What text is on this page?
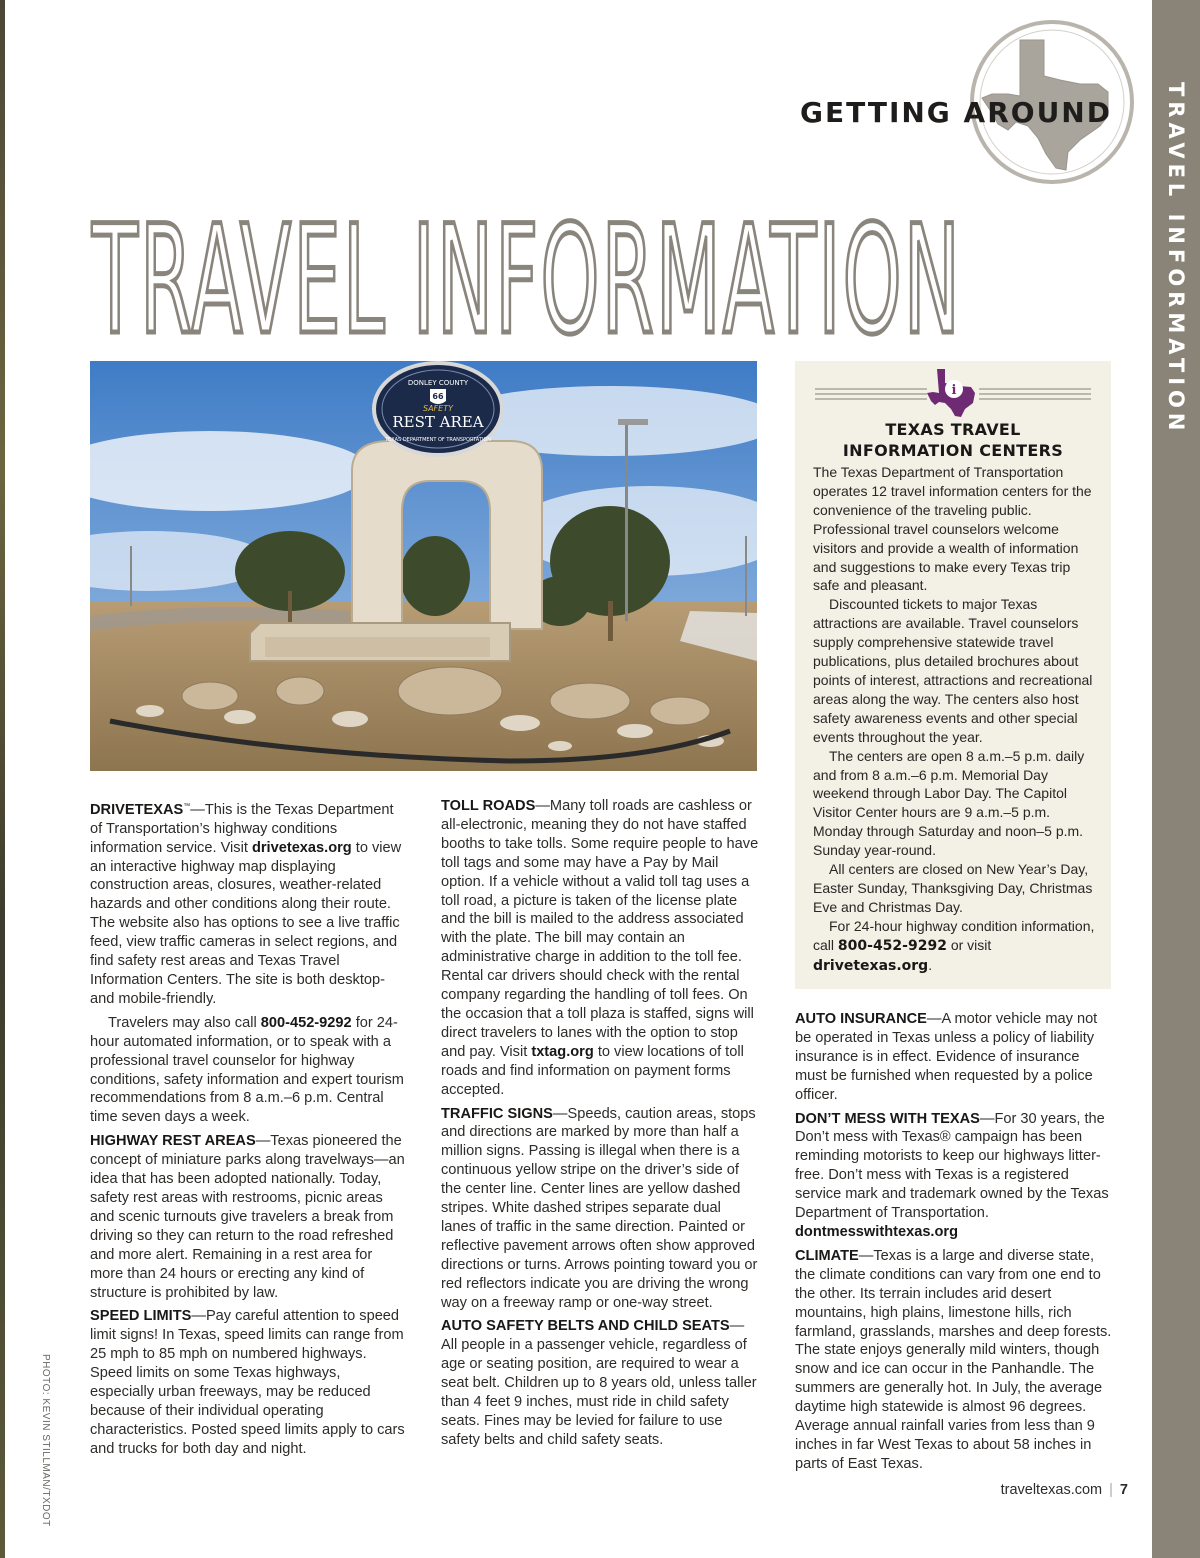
TRAVEL INFORMATION
GETTING AROUND
TRAVEL INFORMATION
DONLEY COUNTY
66
SAFETY
REST AREA
TEXAS DEPARTMENT OF TRANSPORTATION
PHOTO: KEVIN STILLMAN/TXDOT

DRIVETEXAS™—This is the Texas Department of Transportation’s highway conditions information service. Visit drivetexas.org to view an interactive highway map displaying construction areas, closures, weather-related hazards and other conditions along their route. The website also has options to see a live traffic feed, view traffic cameras in select regions, and find safety rest areas and Texas Travel Information Centers. The site is both desktop- and mobile-friendly.

Travelers may also call 800-452-9292 for 24-hour automated information, or to speak with a professional travel counselor for highway conditions, safety information and expert tourism recommendations from 8 a.m.–6 p.m. Central time seven days a week.

HIGHWAY REST AREAS—Texas pioneered the concept of miniature parks along travelways—an idea that has been adopted nationally. Today, safety rest areas with restrooms, picnic areas and scenic turnouts give travelers a break from driving so they can return to the road refreshed and more alert. Remaining in a rest area for more than 24 hours or erecting any kind of structure is prohibited by law.

SPEED LIMITS—Pay careful attention to speed limit signs! In Texas, speed limits can range from 25 mph to 85 mph on numbered highways. Speed limits on some Texas highways, especially urban freeways, may be reduced because of their individual operating characteristics. Posted speed limits apply to cars and trucks for both day and night.

TOLL ROADS—Many toll roads are cashless or all-electronic, meaning they do not have staffed booths to take tolls. Some require people to have toll tags and some may have a Pay by Mail option. If a vehicle without a valid toll tag uses a toll road, a picture is taken of the license plate and the bill is mailed to the address associated with the plate. The bill may contain an administrative charge in addition to the toll fee. Rental car drivers should check with the rental company regarding the handling of toll fees. On the occasion that a toll plaza is staffed, signs will direct travelers to lanes with the option to stop and pay. Visit txtag.org to view locations of toll roads and find information on payment forms accepted.

TRAFFIC SIGNS—Speeds, caution areas, stops and directions are marked by more than half a million signs. Passing is illegal when there is a continuous yellow stripe on the driver’s side of the center line. Center lines are yellow dashed stripes. White dashed stripes separate dual lanes of traffic in the same direction. Painted or reflective pavement arrows often show approved directions or turns. Arrows pointing toward you or red reflectors indicate you are driving the wrong way on a freeway ramp or one-way street.

AUTO SAFETY BELTS AND CHILD SEATS—All people in a passenger vehicle, regardless of age or seating position, are required to wear a seat belt. Children up to 8 years old, unless taller than 4 feet 9 inches, must ride in child safety seats. Fines may be levied for failure to use safety belts and child safety seats.

i
TEXAS TRAVEL
INFORMATION CENTERS

The Texas Department of Transportation operates 12 travel information centers for the convenience of the traveling public. Professional travel counselors welcome visitors and provide a wealth of information and suggestions to make every Texas trip safe and pleasant.

Discounted tickets to major Texas attractions are available. Travel counselors supply comprehensive statewide travel publications, plus detailed brochures about points of interest, attractions and recreational areas along the way. The centers also host safety awareness events and other special events throughout the year.

The centers are open 8 a.m.–5 p.m. daily and from 8 a.m.–6 p.m. Memorial Day weekend through Labor Day. The Capitol Visitor Center hours are 9 a.m.–5 p.m. Monday through Saturday and noon–5 p.m. Sunday year-round.

All centers are closed on New Year’s Day, Easter Sunday, Thanksgiving Day, Christmas Eve and Christmas Day.

For 24-hour highway condition information, call 800-452-9292 or visit drivetexas.org.

AUTO INSURANCE—A motor vehicle may not be operated in Texas unless a policy of liability insurance is in effect. Evidence of insurance must be furnished when requested by a police officer.

DON’T MESS WITH TEXAS—For 30 years, the Don’t mess with Texas® campaign has been reminding motorists to keep our highways litter-free. Don’t mess with Texas is a registered service mark and trademark owned by the Texas Department of Transportation.
dontmesswithtexas.org

CLIMATE—Texas is a large and diverse state, the climate conditions can vary from one end to the other. Its terrain includes arid desert mountains, high plains, limestone hills, rich farmland, grasslands, marshes and deep forests. The state enjoys generally mild winters, though snow and ice can occur in the Panhandle. The summers are generally hot. In July, the average daytime high statewide is almost 96 degrees. Average annual rainfall varies from less than 9 inches in far West Texas to about 58 inches in parts of East Texas.

traveltexas.com | 7
